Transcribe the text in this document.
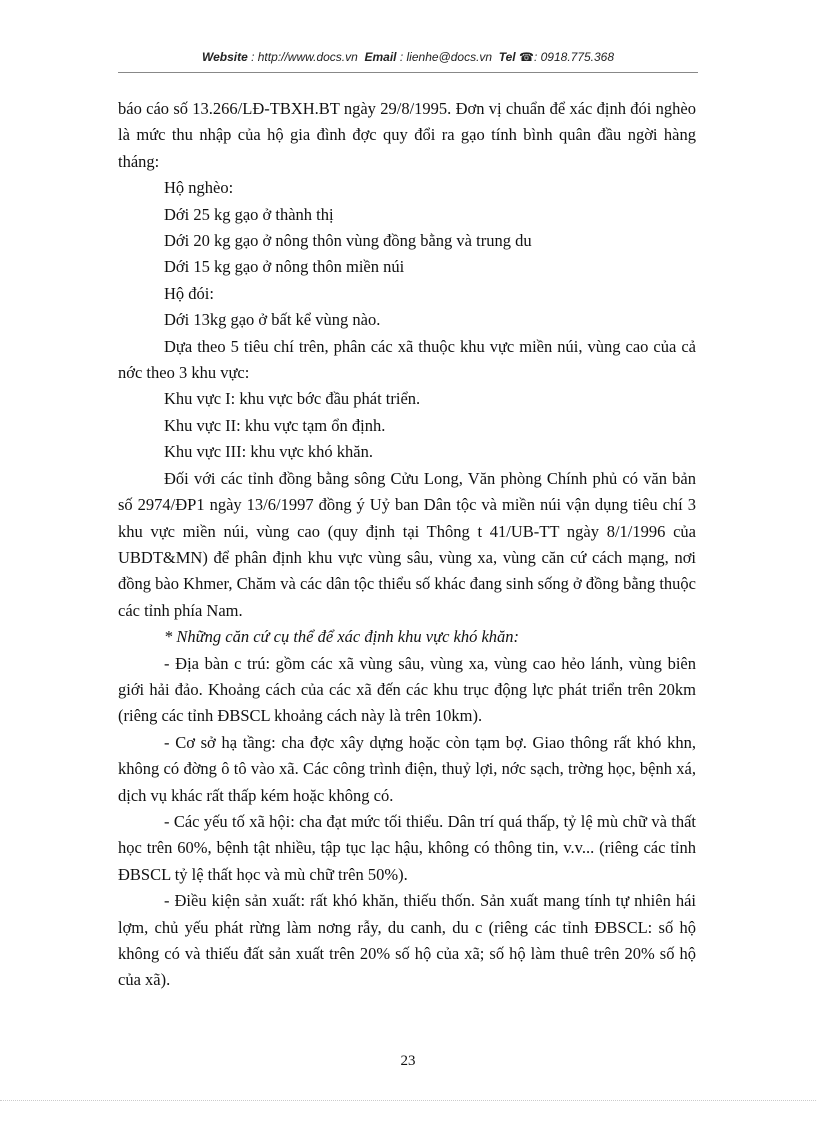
Website : http://www.docs.vn Email : lienhe@docs.vn Tel ☎: 0918.775.368

báo cáo số 13.266/LĐ-TBXH.BT ngày 29/8/1995. Đơn vị chuẩn để xác định đói nghèo là mức thu nhập của hộ gia đình đợc quy đổi ra gạo tính bình quân đầu ngời hàng tháng:

Hộ nghèo:

Dới 25 kg gạo ở thành thị

Dới 20 kg gạo ở nông thôn vùng đồng bằng và trung du

Dới 15 kg gạo ở nông thôn miền núi

Hộ đói:

Dới 13kg gạo ở bất kể vùng nào.

Dựa theo 5 tiêu chí trên, phân các xã thuộc khu vực miền núi, vùng cao của cả nớc theo 3 khu vực:

Khu vực I: khu vực bớc đầu phát triển.

Khu vực II: khu vực tạm ổn định.

Khu vực III: khu vực khó khăn.

Đối với các tỉnh đồng bằng sông Cửu Long, Văn phòng Chính phủ có văn bản số 2974/ĐP1 ngày 13/6/1997 đồng ý Uỷ ban Dân tộc và miền núi vận dụng tiêu chí 3 khu vực miền núi, vùng cao (quy định tại Thông t 41/UB-TT ngày 8/1/1996 của UBDT&MN) để phân định khu vực vùng sâu, vùng xa, vùng căn cứ cách mạng, nơi đồng bào Khmer, Chăm và các dân tộc thiểu số khác đang sinh sống ở đồng bằng thuộc các tỉnh phía Nam.

* Những căn cứ cụ thể để xác định khu vực khó khăn:

- Địa bàn c trú: gồm các xã vùng sâu, vùng xa, vùng cao hẻo lánh, vùng biên giới hải đảo. Khoảng cách của các xã đến các khu trục động lực phát triển trên 20km (riêng các tỉnh ĐBSCL khoảng cách này là trên 10km).

- Cơ sở hạ tầng: cha đợc xây dựng hoặc còn tạm bợ. Giao thông rất khó khn, không có đờng ô tô vào xã. Các công trình điện, thuỷ lợi, nớc sạch, trờng học, bệnh xá, dịch vụ khác rất thấp kém hoặc không có.

- Các yếu tố xã hội: cha đạt mức tối thiểu. Dân trí quá thấp, tỷ lệ mù chữ và thất học trên 60%, bệnh tật nhiều, tập tục lạc hậu, không có thông tin, v.v... (riêng các tỉnh ĐBSCL tỷ lệ thất học và mù chữ trên 50%).

- Điều kiện sản xuất: rất khó khăn, thiếu thốn. Sản xuất mang tính tự nhiên hái lợm, chủ yếu phát rừng làm nơng rẫy, du canh, du c (riêng các tỉnh ĐBSCL: số hộ không có và thiếu đất sản xuất trên 20% số hộ của xã; số hộ làm thuê trên 20% số hộ của xã).

23
